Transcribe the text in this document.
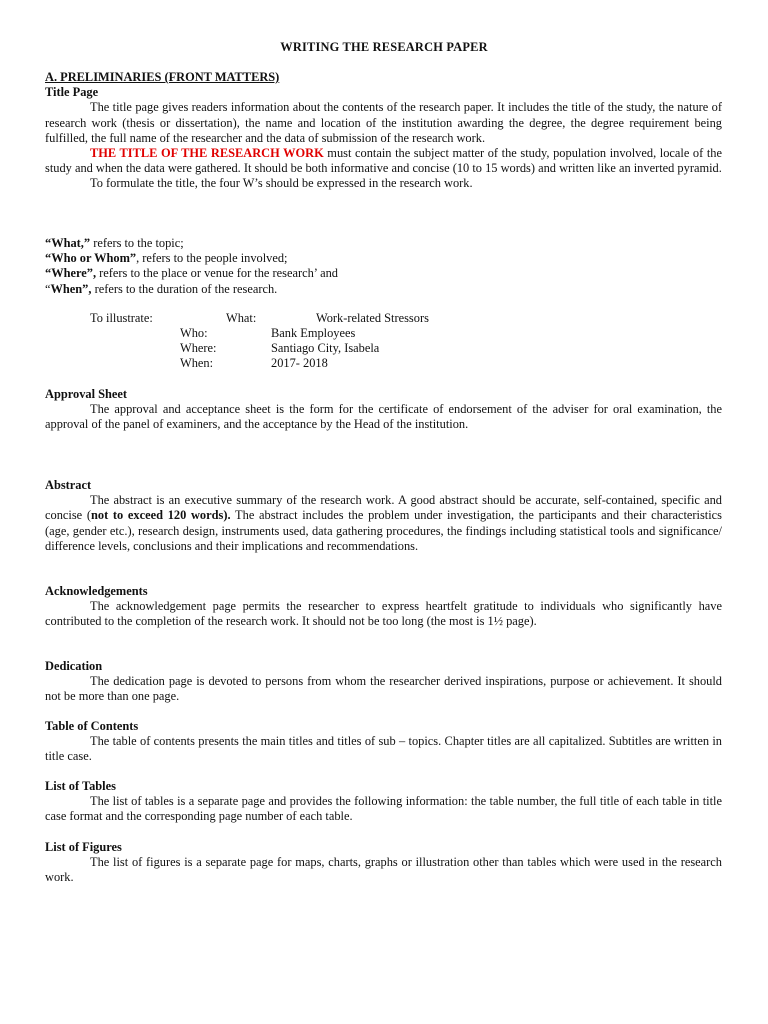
WRITING THE RESEARCH PAPER
A. PRELIMINARIES (FRONT MATTERS)
Title Page

The title page gives readers information about the contents of the research paper. It includes the title of the study, the nature of research work (thesis or dissertation), the name and location of the institution awarding the degree, the degree requirement being fulfilled, the full name of the researcher and the data of submission of the research work.

THE TITLE OF THE RESEARCH WORK must contain the subject matter of the study, population involved, locale of the study and when the data were gathered. It should be both informative and concise (10 to 15 words) and written like an inverted pyramid.

To formulate the title, the four W’s should be expressed in the research work.

“What,” refers to the topic;
“Who or Whom”, refers to the people involved;
“Where”, refers to the place or venue for the research’ and
“When”, refers to the duration of the research.
To illustrate:	What:	Work-related Stressors
Who:	Bank Employees
Where:	Santiago City, Isabela
When:	2017- 2018
Approval Sheet

The approval and acceptance sheet is the form for the certificate of endorsement of the adviser for oral examination, the approval of the panel of examiners, and the acceptance by the Head of the institution.

Abstract

The abstract is an executive summary of the research work. A good abstract should be accurate, self-contained, specific and concise (not to exceed 120 words). The abstract includes the problem under investigation, the participants and their characteristics (age, gender etc.), research design, instruments used, data gathering procedures, the findings including statistical tools and significance/ difference levels, conclusions and their implications and recommendations.

Acknowledgements

The acknowledgement page permits the researcher to express heartfelt gratitude to individuals who significantly have contributed to the completion of the research work. It should not be too long (the most is 1½ page).

Dedication

The dedication page is devoted to persons from whom the researcher derived inspirations, purpose or achievement. It should not be more than one page.

Table of Contents

The table of contents presents the main titles and titles of sub – topics. Chapter titles are all capitalized. Subtitles are written in title case.

List of Tables

The list of tables is a separate page and provides the following information: the table number, the full title of each table in title case format and the corresponding page number of each table.

List of Figures

The list of figures is a separate page for maps, charts, graphs or illustration other than tables which were used in the research work.
